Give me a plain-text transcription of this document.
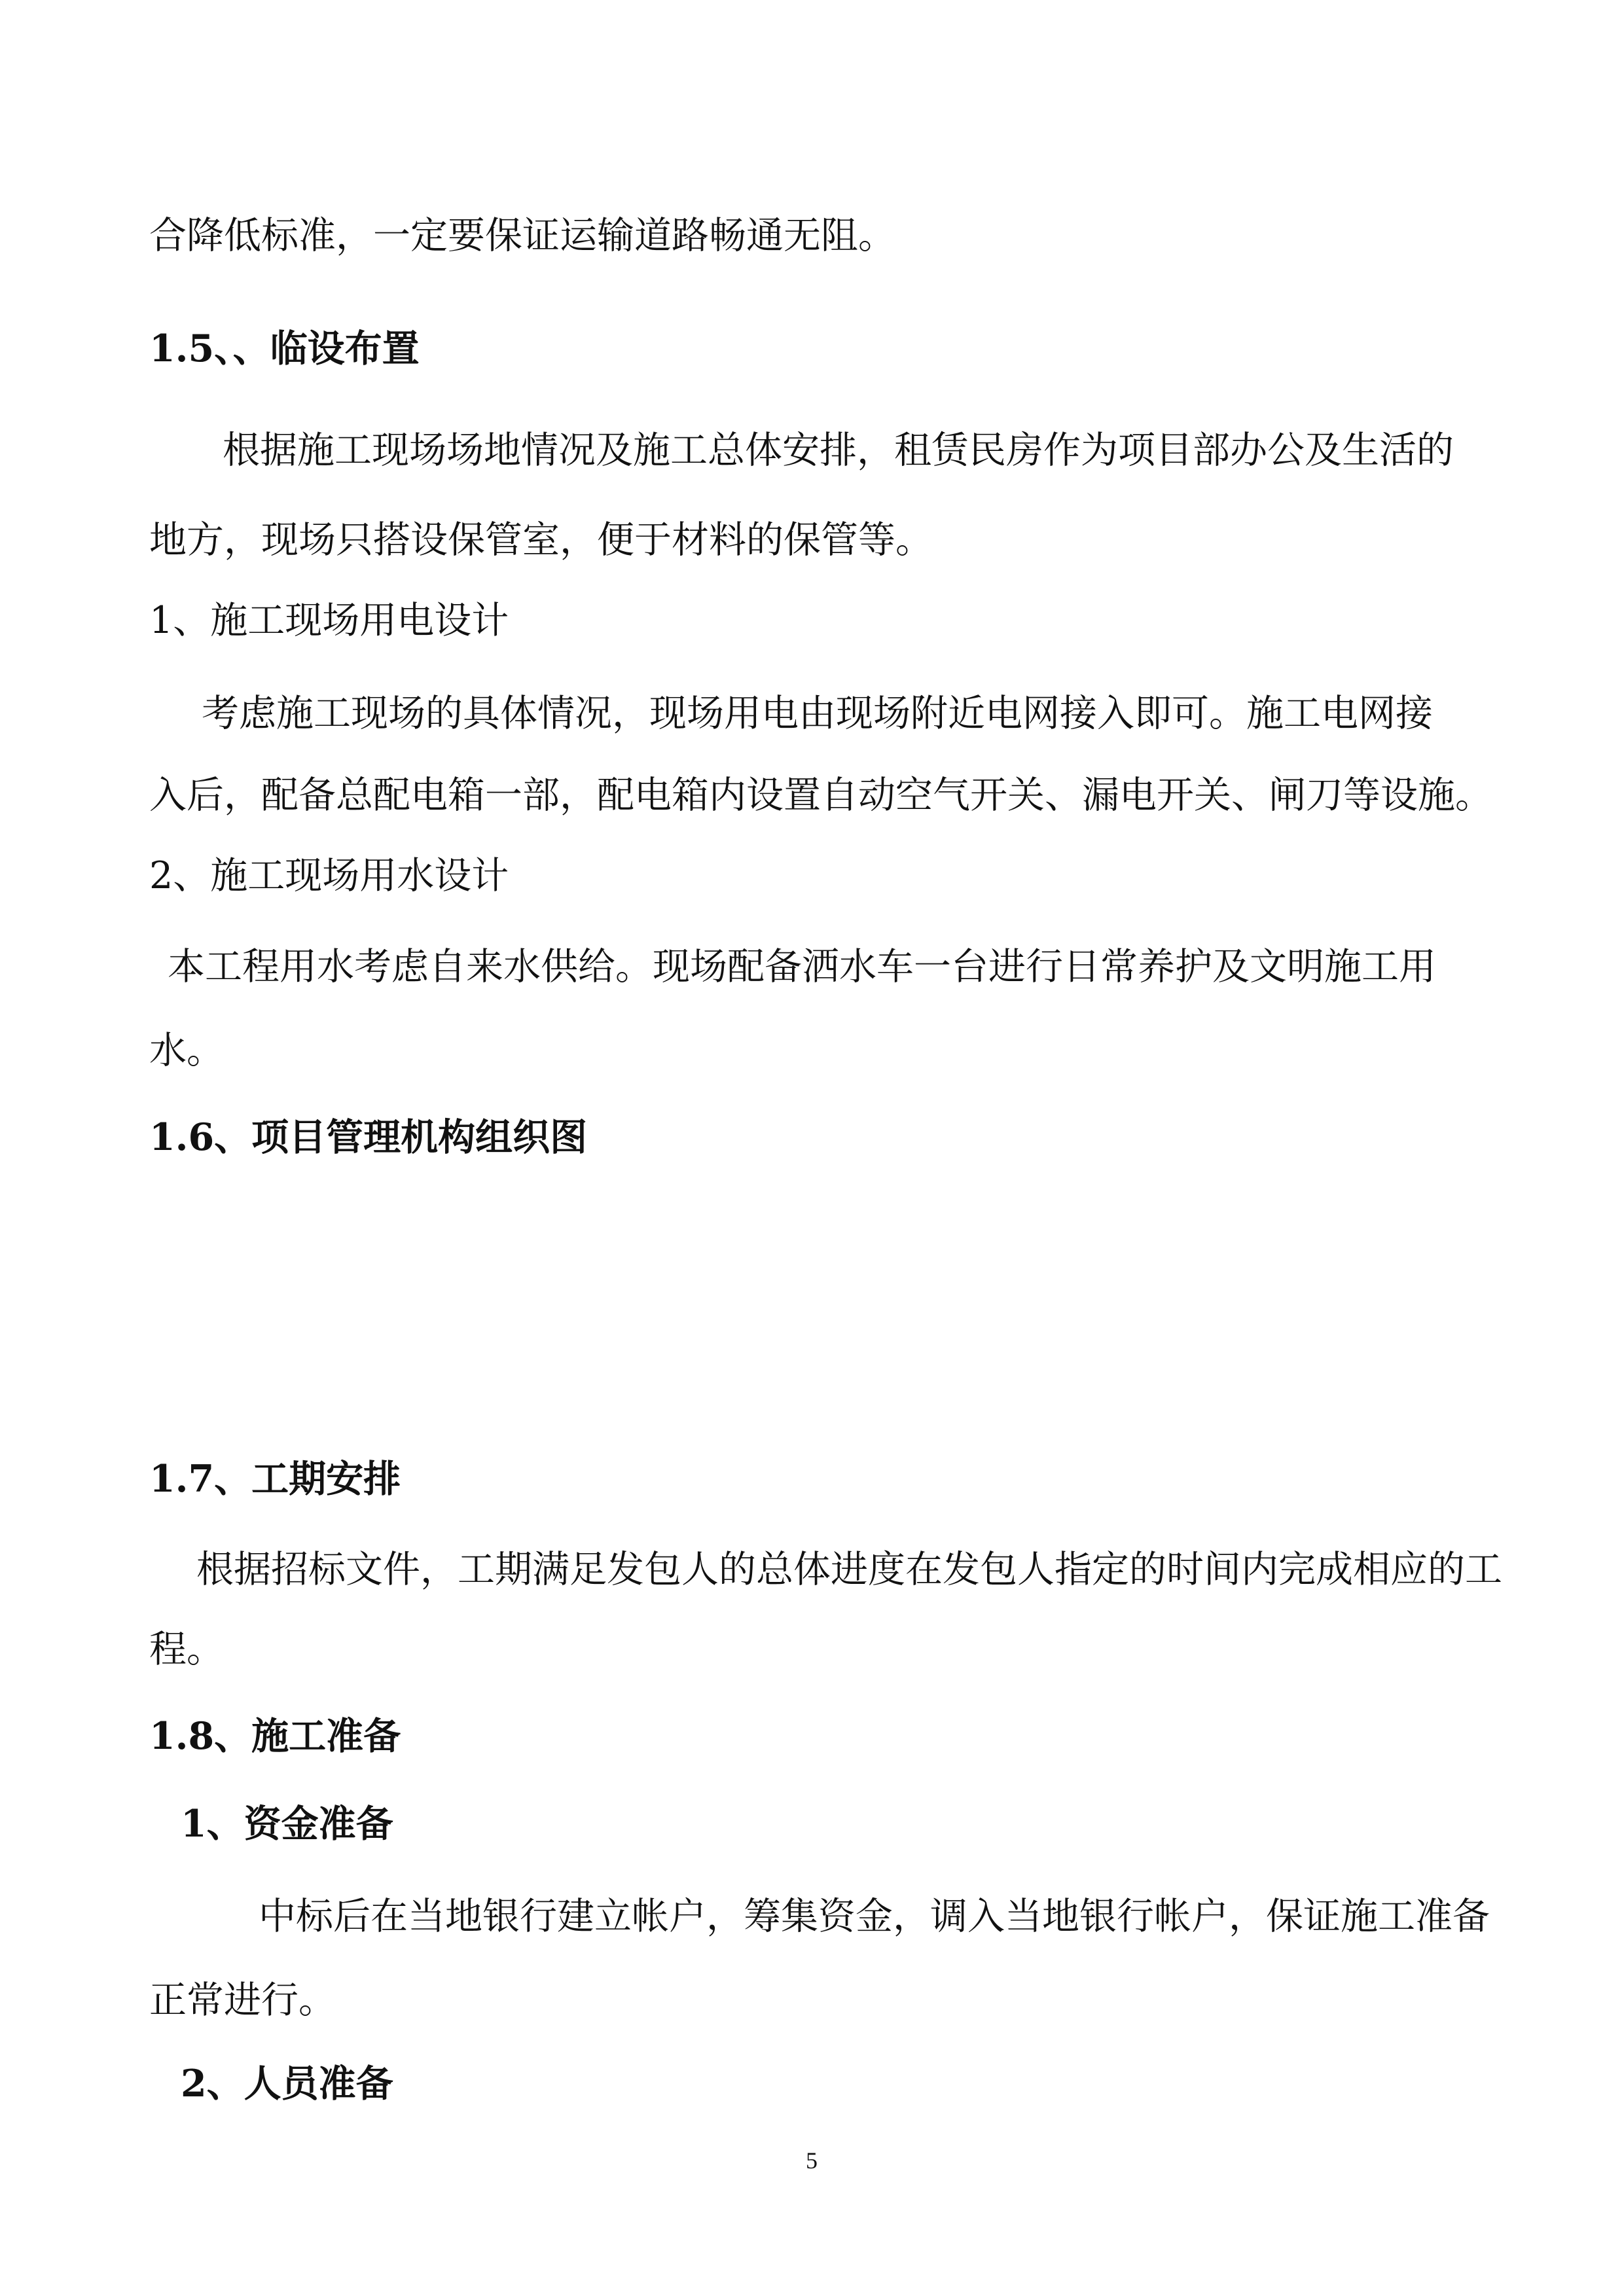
合降低标准，一定要保证运输道路畅通无阻。

1.5、、临设布置

根据施工现场场地情况及施工总体安排，租赁民房作为项目部办公及生活的

地方，现场只搭设保管室，便于材料的保管等。

1、施工现场用电设计

考虑施工现场的具体情况，现场用电由现场附近电网接入即可。施工电网接

入后，配备总配电箱一部，配电箱内设置自动空气开关、漏电开关、闸刀等设施。

2、施工现场用水设计

本工程用水考虑自来水供给。现场配备洒水车一台进行日常养护及文明施工用

水。

1.6、项目管理机构组织图

1.7、工期安排

根据招标文件，工期满足发包人的总体进度在发包人指定的时间内完成相应的工

程。

1.8、施工准备

1、资金准备

中标后在当地银行建立帐户，筹集资金，调入当地银行帐户，保证施工准备

正常进行。

2、人员准备

5
